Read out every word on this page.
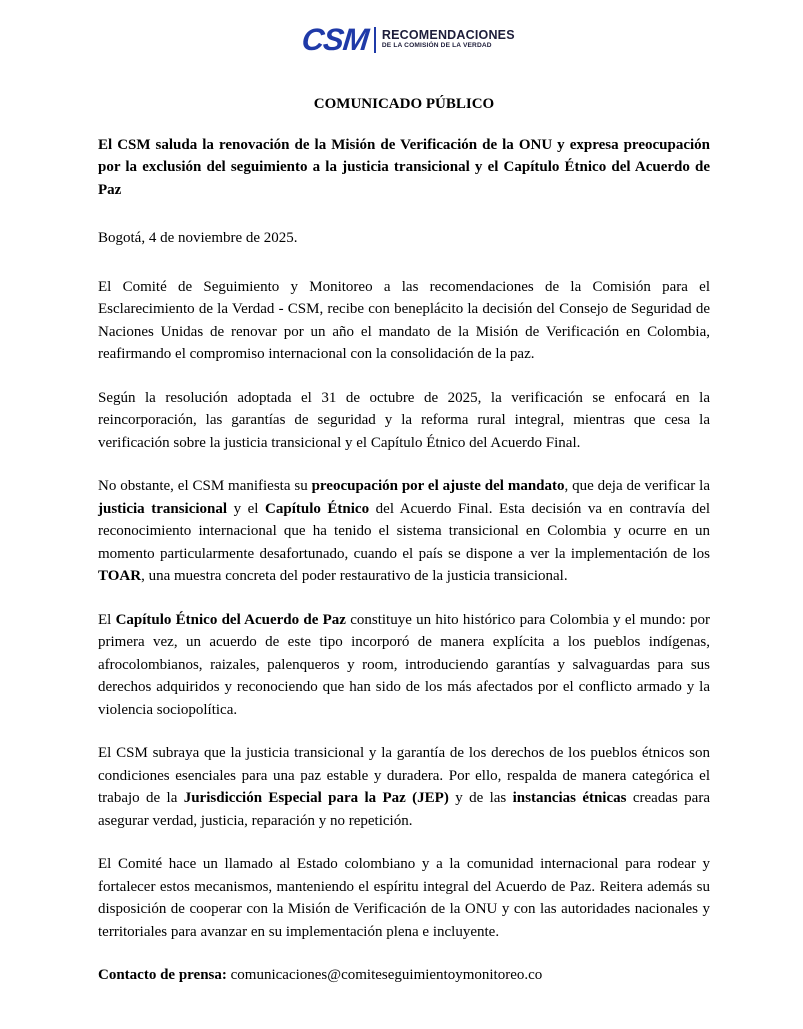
CSM RECOMENDACIONES
DE LA COMISIÓN DE LA VERDAD
COMUNICADO PÚBLICO
El CSM saluda la renovación de la Misión de Verificación de la ONU y expresa preocupación por la exclusión del seguimiento a la justicia transicional y el Capítulo Étnico del Acuerdo de Paz
Bogotá, 4 de noviembre de 2025.

El Comité de Seguimiento y Monitoreo a las recomendaciones de la Comisión para el Esclarecimiento de la Verdad - CSM, recibe con beneplácito la decisión del Consejo de Seguridad de Naciones Unidas de renovar por un año el mandato de la Misión de Verificación en Colombia, reafirmando el compromiso internacional con la consolidación de la paz.

Según la resolución adoptada el 31 de octubre de 2025, la verificación se enfocará en la reincorporación, las garantías de seguridad y la reforma rural integral, mientras que cesa la verificación sobre la justicia transicional y el Capítulo Étnico del Acuerdo Final.

No obstante, el CSM manifiesta su preocupación por el ajuste del mandato, que deja de verificar la justicia transicional y el Capítulo Étnico del Acuerdo Final. Esta decisión va en contravía del reconocimiento internacional que ha tenido el sistema transicional en Colombia y ocurre en un momento particularmente desafortunado, cuando el país se dispone a ver la implementación de los TOAR, una muestra concreta del poder restaurativo de la justicia transicional.

El Capítulo Étnico del Acuerdo de Paz constituye un hito histórico para Colombia y el mundo: por primera vez, un acuerdo de este tipo incorporó de manera explícita a los pueblos indígenas, afrocolombianos, raizales, palenqueros y room, introduciendo garantías y salvaguardas para sus derechos adquiridos y reconociendo que han sido de los más afectados por el conflicto armado y la violencia sociopolítica.

El CSM subraya que la justicia transicional y la garantía de los derechos de los pueblos étnicos son condiciones esenciales para una paz estable y duradera. Por ello, respalda de manera categórica el trabajo de la Jurisdicción Especial para la Paz (JEP) y de las instancias étnicas creadas para asegurar verdad, justicia, reparación y no repetición.

El Comité hace un llamado al Estado colombiano y a la comunidad internacional para rodear y fortalecer estos mecanismos, manteniendo el espíritu integral del Acuerdo de Paz. Reitera además su disposición de cooperar con la Misión de Verificación de la ONU y con las autoridades nacionales y territoriales para avanzar en su implementación plena e incluyente.

Contacto de prensa: comunicaciones@comiteseguimientoymonitoreo.co
